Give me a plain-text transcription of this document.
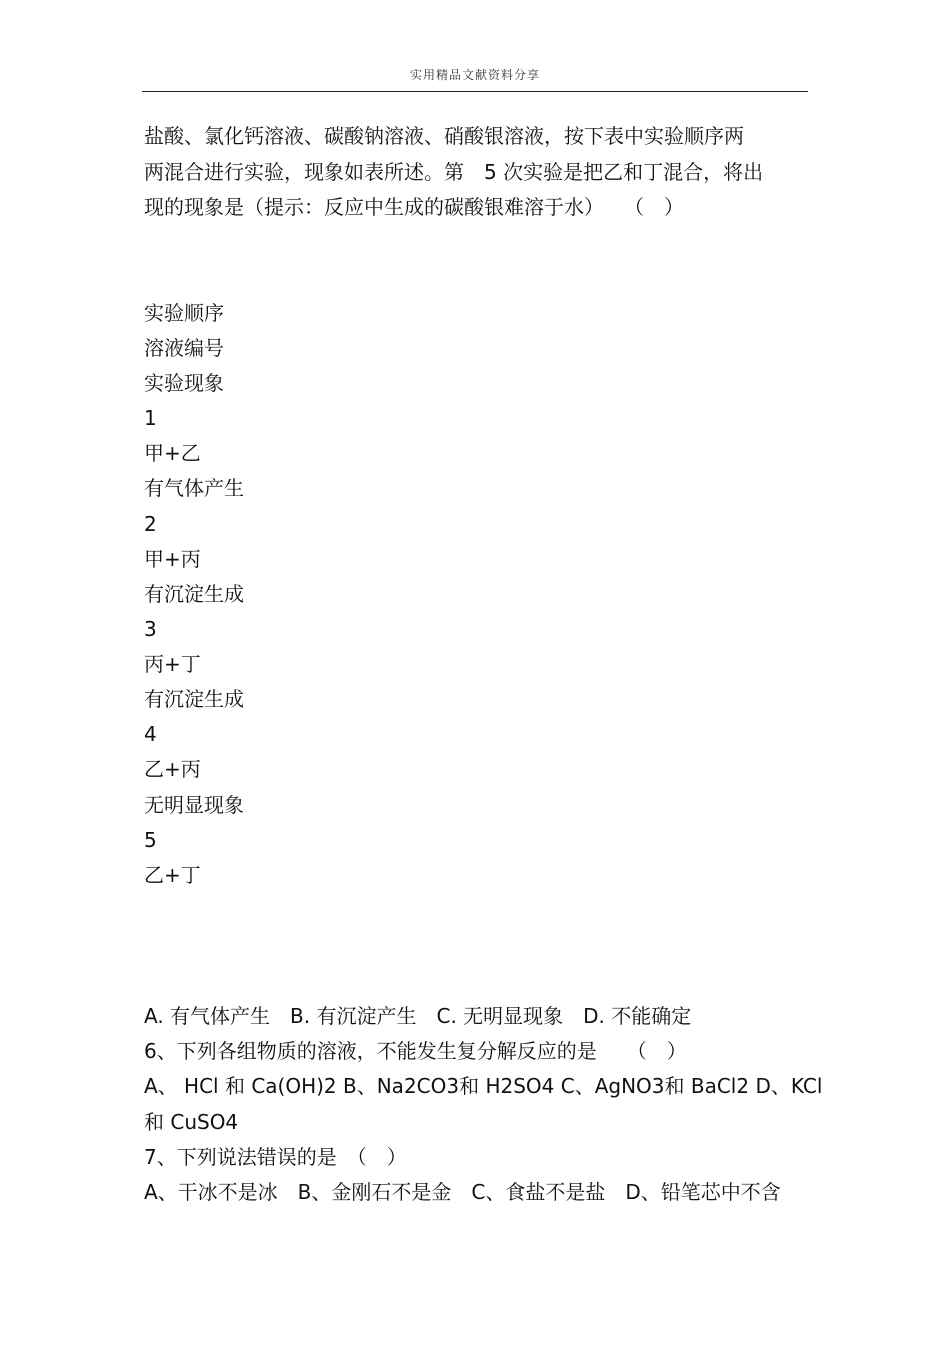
实用精品文献资料分享
盐酸、氯化钙溶液、碳酸钠溶液、硝酸银溶液，按下表中实验顺序两
两混合进行实验，现象如表所述。第　5 次实验是把乙和丁混合，将出
现的现象是（提示：反应中生成的碳酸银难溶于水）　　（　）
实验顺序
溶液编号
实验现象
1
甲+乙
有气体产生
2
甲+丙
有沉淀生成
3
丙+丁
有沉淀生成
4
乙+丙
无明显现象
5
乙+丁
A. 有气体产生　B. 有沉淀产生　C. 无明显现象　D. 不能确定
6、下列各组物质的溶液，不能发生复分解反应的是　　（　）
A、 HCl 和 Ca(OH)2 B、Na2CO3和 H2SO4 C、AgNO3和 BaCl2 D、KCl
和 CuSO4
7、下列说法错误的是　（　）
A、干冰不是冰　B、金刚石不是金　C、食盐不是盐　D、铅笔芯中不含
